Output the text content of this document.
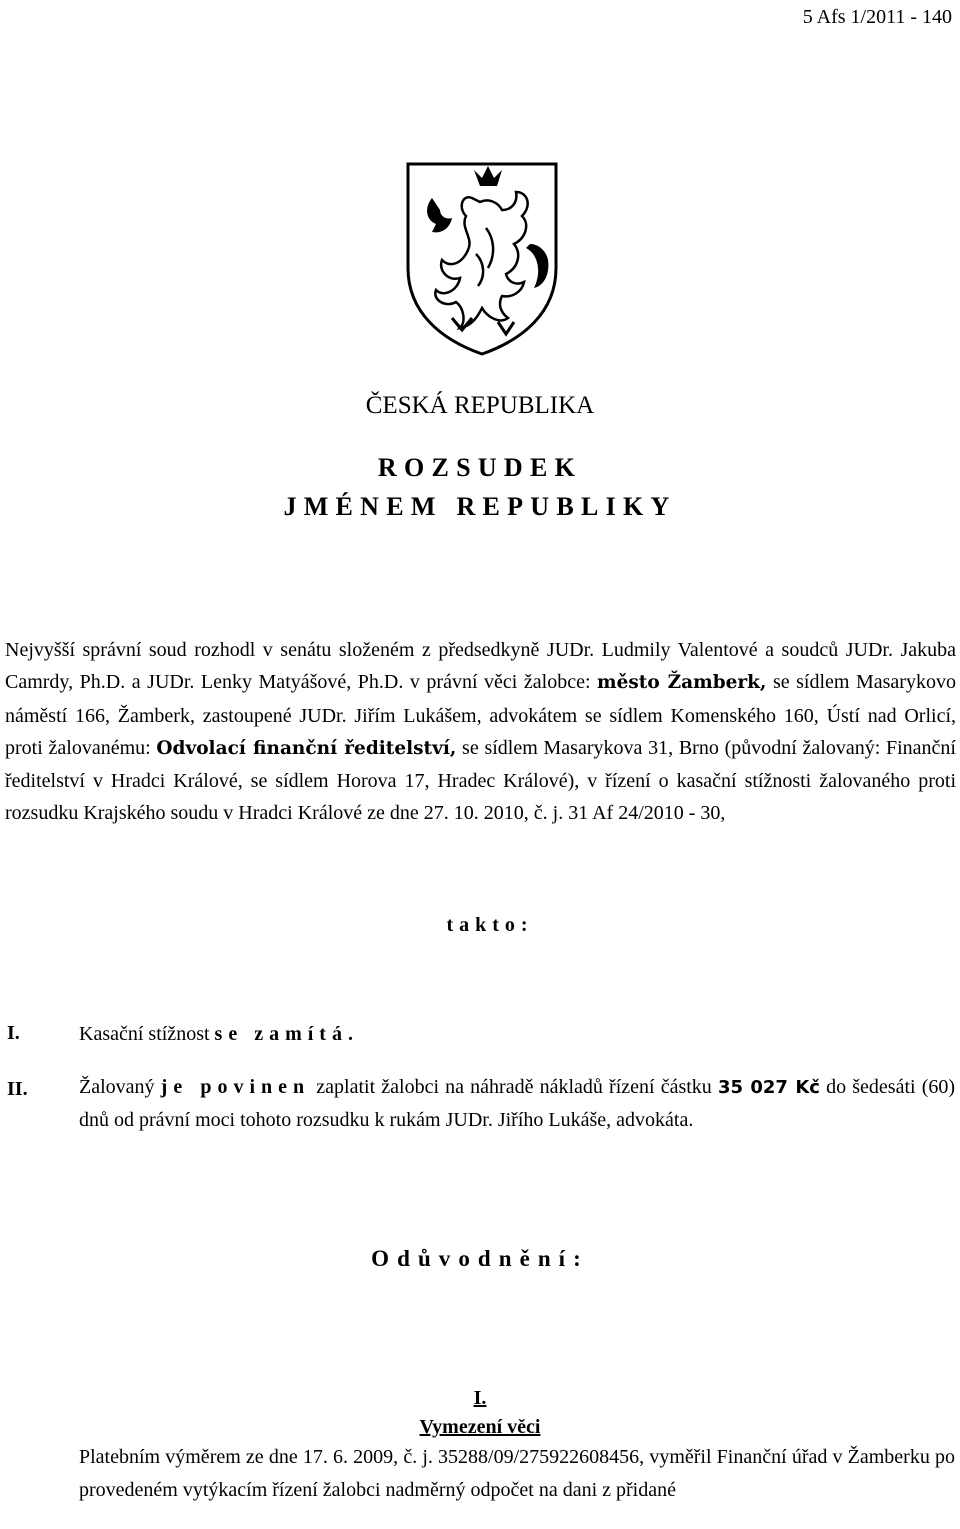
5 Afs 1/2011 - 140
ČESKÁ REPUBLIKA
ROZSUDEK
JMÉNEM REPUBLIKY
Nejvyšší správní soud rozhodl v senátu složeném z předsedkyně JUDr. Ludmily Valentové a soudců JUDr. Jakuba Camrdy, Ph.D. a JUDr. Lenky Matyášové, Ph.D. v právní věci žalobce: město Žamberk, se sídlem Masarykovo náměstí 166, Žamberk, zastoupené JUDr. Jiřím Lukášem, advokátem se sídlem Komenského 160, Ústí nad Orlicí, proti žalovanému: Odvolací finanční ředitelství, se sídlem Masarykova 31, Brno (původní žalovaný: Finanční ředitelství v Hradci Králové, se sídlem Horova 17, Hradec Králové), v řízení o kasační stížnosti žalovaného proti rozsudku Krajského soudu v Hradci Králové ze dne 27. 10. 2010, č. j. 31 Af 24/2010 - 30,
takto:
I.	Kasační stížnost se zamítá.
II.	Žalovaný je povinen zaplatit žalobci na náhradě nákladů řízení částku 35 027 Kč do šedesáti (60) dnů od právní moci tohoto rozsudku k rukám JUDr. Jiřího Lukáše, advokáta.
Odůvodnění:
I.
Vymezení věci
Platebním výměrem ze dne 17. 6. 2009, č. j. 35288/09/275922608456, vyměřil Finanční úřad v Žamberku po provedeném vytýkacím řízení žalobci nadměrný odpočet na dani z přidané
